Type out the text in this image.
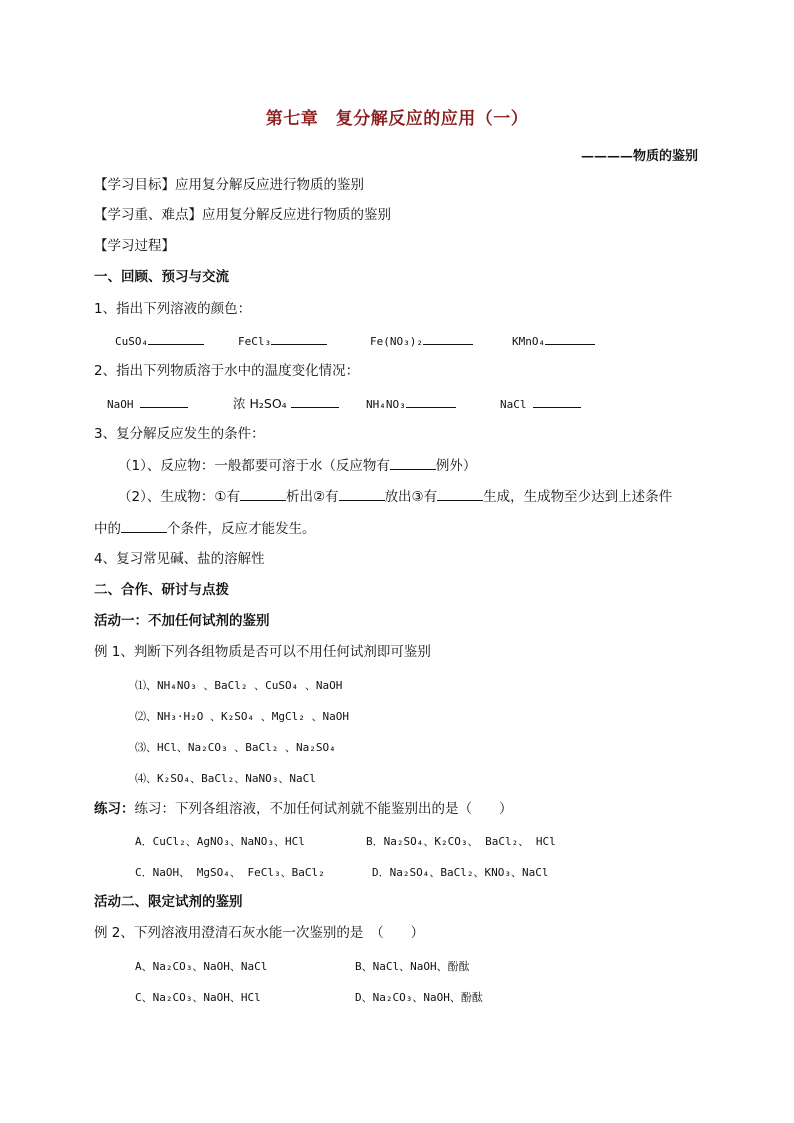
第七章　复分解反应的应用（一）
————物质的鉴别
【学习目标】应用复分解反应进行物质的鉴别
【学习重、难点】应用复分解反应进行物质的鉴别
【学习过程】
一、回顾、预习与交流
1、指出下列溶液的颜色：
CuSO₄	FeCl₃	Fe(NO₃)₂	KMnO₄
2、指出下列物质溶于水中的温度变化情况：
NaOH	浓 H₂SO₄	NH₄NO₃	NaCl
3、复分解反应发生的条件：
（1）、反应物：一般都要可溶于水（反应物有	例外）
（2）、生成物：①有	析出②有	放出③有	生成，生成物至少达到上述条件
中的	个条件，反应才能发生。
4、复习常见碱、盐的溶解性
二、合作、研讨与点拨
活动一：不加任何试剂的鉴别
例 1、判断下列各组物质是否可以不用任何试剂即可鉴别
⑴、NH₄NO₃ 、BaCl₂ 、CuSO₄ 、NaOH
⑵、NH₃·H₂O 、K₂SO₄ 、MgCl₂ 、NaOH
⑶、HCl、Na₂CO₃ 、BaCl₂ 、Na₂SO₄
⑷、K₂SO₄、BaCl₂、NaNO₃、NaCl
练习：练习：下列各组溶液，不加任何试剂就不能鉴别出的是（　　）
A．CuCl₂、AgNO₃、NaNO₃、HCl	B．Na₂SO₄、K₂CO₃、 BaCl₂、 HCl
C．NaOH、 MgSO₄、 FeCl₃、BaCl₂	D．Na₂SO₄、BaCl₂、KNO₃、NaCl
活动二、限定试剂的鉴别
例 2、下列溶液用澄清石灰水能一次鉴别的是　（　　）
A、Na₂CO₃、NaOH、NaCl	B、NaCl、NaOH、酚酞
C、Na₂CO₃、NaOH、HCl	D、Na₂CO₃、NaOH、酚酞
